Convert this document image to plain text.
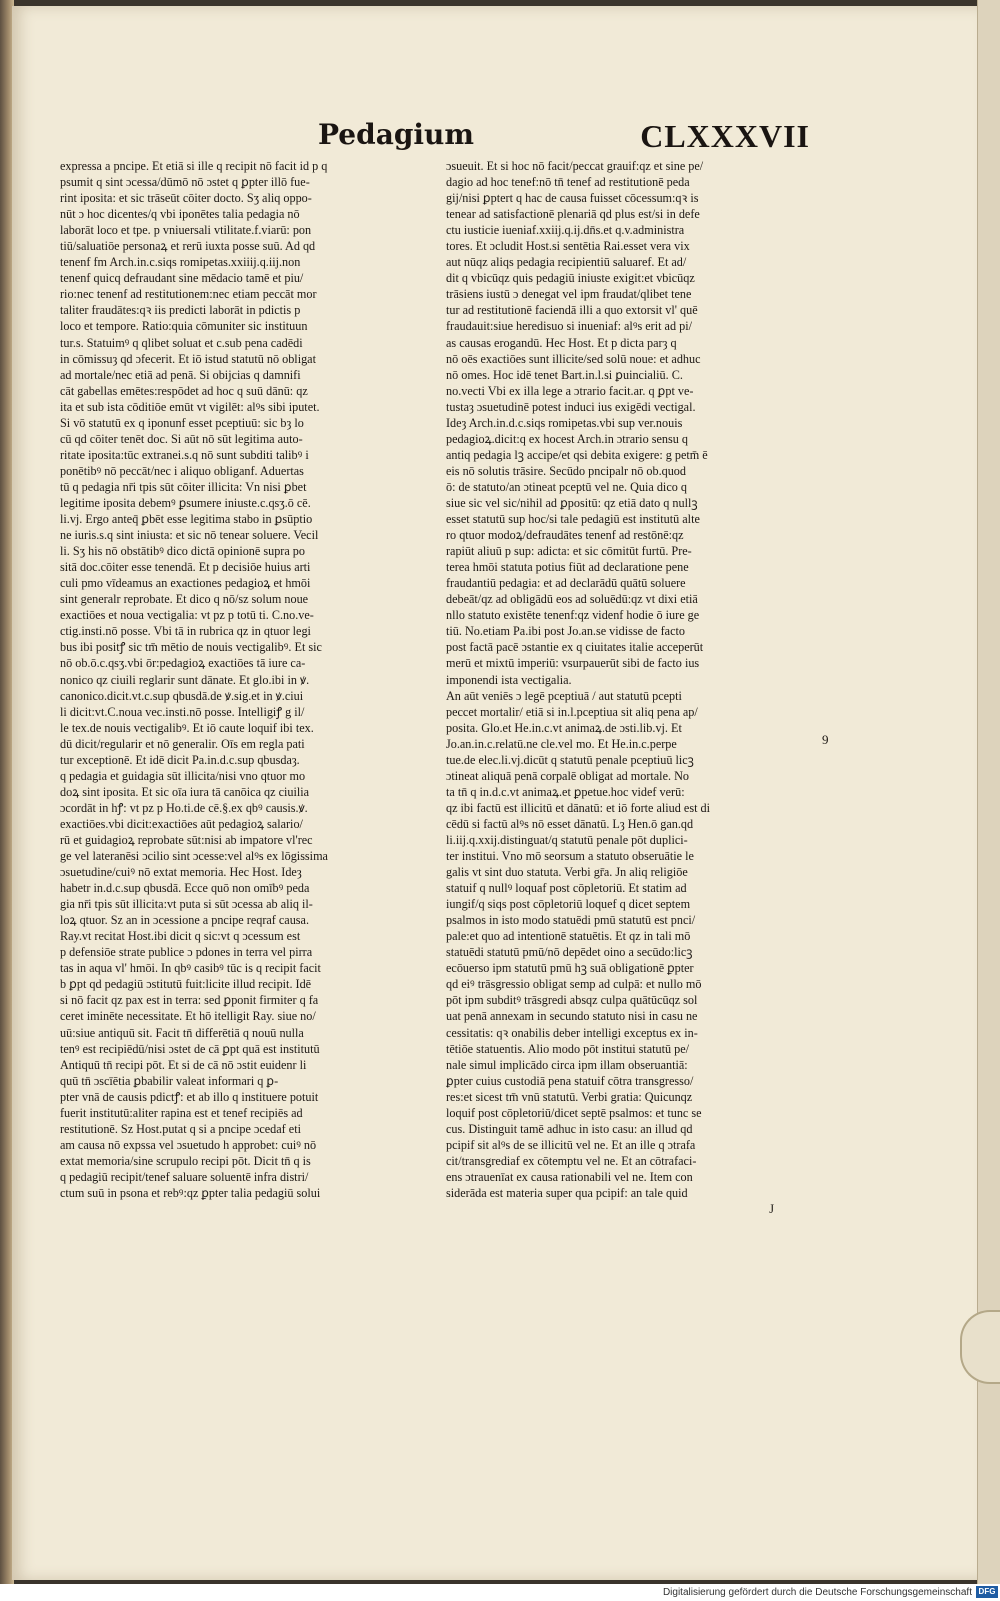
Pedagium	CLXXXVII
expressa a pncipe. Et etiā si ille q recipit nō facit id p q
psumit q sint ɔcessa/dūmō nō ɔstet q ꝑpter illō fue-
rint iposita: et sic trāseūt cōiter docto. Sʒ aliq oppo-
nūt ɔ hoc dicentes/q vbi iponētes talia pedagia nō
laborāt loco et tpe. p vniuersali vtilitate.f.viarū: pon
tiū/saluatiōe personaꝝ et rerū iuxta posse suū. Ad qd
tenenf fm Arch.in.c.siqs romipetas.xxiiij.q.iij.non
tenenf quicq defraudant sine mēdacio tamē et piu/
rio:nec tenenf ad restitutionem:nec etiam peccāt mor
taliter fraudātes:qꝛ iis predicti laborāt in pdictis p
loco et tempore. Ratio:quia cōmuniter sic instituun
tur.s. Statuimꝰ q qlibet soluat et c.sub pena cadēdi
in cōmissuȝ qd ɔfecerit. Et iō istud statutū nō obligat
ad mortale/nec etiā ad penā. Si obijcias q damnifi
cāt gabellas emētes:respōdet ad hoc q suū dānū: qz
ita et sub ista cōditiōe emūt vt vigilēt: alꝰs sibi iputet.
Si vō statutū ex q iponunf esset pceptiuū: sic bȝ lo
cū qd cōiter tenēt doc. Si aūt nō sūt legitima auto-
ritate iposita:tūc extranei.s.q nō sunt subditi talibꝰ i
ponētibꝰ nō peccāt/nec i aliquo obliganf. Aduertas
tū q pedagia nr̄i tpis sūt cōiter illicita: Vn nisi ꝑbet
legitime iposita debemꝰ ꝑsumere iniuste.c.qsʒ.ō cē.
li.vj. Ergo anteq̄ ꝑbēt esse legitima stabo in ꝑsūptio
ne iuris.s.q sint iniusta: et sic nō tenear soluere. Vecil
li. Sʒ his nō obstātibꝰ dico dictā opinionē supra po
sitā doc.cōiter esse tenendā. Et p decisiōe huius arti
culi pmo vīdeamus an exactiones pedagioꝝ et hmōi
sint generalr reprobate. Et dico q nō/sz solum noue
exactiōes et noua vectigalia: vt pz p totū ti. C.no.ve-
ctig.insti.nō posse. Vbi tā in rubrica qz in qtuor legi
bus ibi positꝭ sic tm̄ mētio de nouis vectigalibꝰ. Et sic
nō ob.ō.c.qsʒ.vbi ōr:pedagioꝝ exactiōes tā iure ca-
nonico qz ciuili reglarir sunt dānate. Et glo.ibi in ꝟ.
canonico.dicit.vt.c.sup qbusdā.de ꝟ.sig.et in ꝟ.ciui
li dicit:vt.C.noua vec.insti.nō posse. Intelligiꝭ g il/
le tex.de nouis vectigalibꝰ. Et iō caute loquif ibi tex.
dū dicit/regularir et nō generalir. Oīs em regla pati
tur exceptionē. Et idē dicit Pa.in.d.c.sup qbusdaȝ.
q pedagia et guidagia sūt illicita/nisi vno qtuor mo
doꝝ sint iposita. Et sic oīa iura tā canōica qz ciuilia
ɔcordāt in hꝭ: vt pz p Ho.ti.de cē.§.ex qbꝰ causis.ꝟ.
exactiōes.vbi dicit:exactiōes aūt pedagioꝝ salario/
rū et guidagioꝝ reprobate sūt:nisi ab impatore vl'rec
ge vel lateranēsi ɔcilio sint ɔcesse:vel alꝰs ex lōgissima
ɔsuetudine/cuiꝰ nō extat memoria. Hec Host. Ideȝ
habetr in.d.c.sup qbusdā. Ecce quō non omībꝰ peda
gia nr̄i tpis sūt illicita:vt puta si sūt ɔcessa ab aliq il-
loꝝ qtuor. Sz an in ɔcessione a pncipe reqraf causa.
Ray.vt recitat Host.ibi dicit q sic:vt q ɔcessum est
p defensiōe strate publice ɔ pdones in terra vel pirra
tas in aqua vl' hmōi. In qbꝰ casibꝰ tūc is q recipit facit
b ꝑpt qd pedagiū ɔstitutū fuit:licite illud recipit. Idē
si nō facit qz pax est in terra: sed ꝑponit firmiter q fa
ceret iminēte necessitate. Et hō itelligit Ray. siue no/
uū:siue antiquū sit. Facit tn̄ differētiā q nouū nulla
tenꝰ est recipiēdū/nisi ɔstet de cā ꝑpt quā est institutū
Antiquū tn̄ recipi pōt. Et si de cā nō ɔstit euidenr li
quū tn̄ ɔscīētia ꝑbabilir valeat informari q ꝑ-
pter vnā de causis pdictꝭ: et ab illo q instituere potuit
fuerit institutū:aliter rapina est et tenef recipiēs ad
restitutionē. Sz Host.putat q si a pncipe ɔcedaf eti
am causa nō expssa vel ɔsuetudo h approbet: cuiꝰ nō
extat memoria/sine scrupulo recipi pōt. Dicit tn̄ q is
q pedagiū recipit/tenef saluare soluentē infra distri/
ctum suū in psona et rebꝰ:qz ꝑpter talia pedagiū solui
ɔsueuit. Et si hoc nō facit/peccat grauif:qz et sine pe/
dagio ad hoc tenef:nō tn̄ tenef ad restitutionē peda
gij/nisi ꝑptert q hac de causa fuisset cōcessum:qꝛ is
tenear ad satisfactionē plenariā qd plus est/si in defe
ctu iusticie iueniaf.xxiij.q.ij.dn̄s.et q.v.administra
tores. Et ɔcludit Host.si sentētia Rai.esset vera vix
aut nūqz aliqs pedagia recipientiū saluaref. Et ad/
dit q vbicūqz quis pedagiū iniuste exigit:et vbicūqz
trāsiens iustū ɔ denegat vel ipm fraudat/qlibet tene
tur ad restitutionē faciendā illi a quo extorsit vl' quē
fraudauit:siue heredisuo si inueniaf: alꝰs erit ad pi/
as causas erogandū. Hec Host. Et p dicta parȝ q
nō oēs exactiōes sunt illicite/sed solū noue: et adhuc
nō omes. Hoc idē tenet Bart.in.l.si ꝑuincialiū. C.
no.vecti Vbi ex illa lege a ɔtrario facit.ar. q ꝑpt ve-
tustaȝ ɔsuetudinē potest induci ius exigēdi vectigal.
Ideȝ Arch.in.d.c.siqs romipetas.vbi sup ver.nouis
pedagioꝝ.dicit:q ex hocest Arch.in ɔtrario sensu q
antiq pedagia lꝫ accipe/et qsi debita exigere: g petm̄ ē
eis nō solutis trāsire. Secūdo pncipalr nō ob.quod
ō: de statuto/an ɔtineat pceptū vel ne. Quia dico q
siue sic vel sic/nihil ad ꝑpositū: qz etiā dato q nullꝫ
esset statutū sup hoc/si tale pedagiū est institutū alte
ro qtuor modoꝝ/defraudātes tenenf ad restōnē:qz
rapiūt aliuū p sup: adicta: et sic cōmitūt furtū. Pre-
terea hmōi statuta potius fiūt ad declaratione pene
fraudantiū pedagia: et ad declarādū quātū soluere
debeāt/qz ad obligādū eos ad soluēdū:qz vt dixi etiā
nllo statuto existēte tenenf:qz videnf hodie ō iure ge
tiū. No.etiam Pa.ibi post Jo.an.se vidisse de facto
post factā pacē ɔstantie ex q ciuitates italie acceperūt
merū et mixtū imperiū: vsurpauerūt sibi de facto ius
imponendi ista vectigalia.
An aūt veniēs ɔ legē pceptiuā / aut statutū pcepti
peccet mortalir/ etiā si in.l.pceptiua sit aliq pena ap/
posita. Glo.et He.in.c.vt animaꝝ.de ɔsti.lib.vj. Et
Jo.an.in.c.relatū.ne cle.vel mo. Et He.in.c.perpe
tue.de elec.li.vj.dicūt q statutū penale pceptiuū licꝫ
ɔtineat aliquā penā corpalē obligat ad mortale. No
ta tn̄ q in.d.c.vt animaꝝ.et ꝑpetue.hoc videf verū:
qz ibi factū est illicitū et dānatū: et iō forte aliud est di
cēdū si factū alꝰs nō esset dānatū. Lȝ Hen.ō gan.qd
li.iij.q.xxij.distinguat/q statutū penale pōt duplici-
ter institui. Vno mō seorsum a statuto obseruātie le
galis vt sint duo statuta. Verbi gr̄a. Jn aliq religiōe
statuif q nullꝰ loquaf post cōpletoriū. Et statim ad
iungif/q siqs post cōpletoriū loquef q dicet septem
psalmos in isto modo statuēdi pmū statutū est pnci/
pale:et quo ad intentionē statuētis. Et qz in tali mō
statuēdi statutū pmū/nō depēdet oino a secūdo:licꝫ
ecōuerso ipm statutū pmū hꝫ suā obligationē ꝑpter
qd eiꝰ trāsgressio obligat semp ad culpā: et nullo mō
pōt ipm subditꝰ trāsgredi absqz culpa quātūcūqz sol
uat penā annexam in secundo statuto nisi in casu ne
cessitatis: qꝛ onabilis deber intelligi exceptus ex in-
tētiōe statuentis. Alio modo pōt institui statutū pe/
nale simul implicādo circa ipm illam obseruantiā:
ꝑpter cuius custodiā pena statuif cōtra transgresso/
res:et sicest tm̄ vnū statutū. Verbi gratia: Quicunqz
loquif post cōpletoriū/dicet septē psalmos: et tunc se
cus. Distinguit tamē adhuc in isto casu: an illud qd
pcipif sit alꝰs de se illicitū vel ne. Et an ille q ɔtrafa
cit/transgrediaf ex cōtemptu vel ne. Et an cōtrafaci-
ens ɔtrauenīat ex causa rationabili vel ne. Item con
siderāda est materia super qua pcipif: an tale quid
J
9
Digitalisierung gefördert durch die Deutsche Forschungsgemeinschaft DFG
